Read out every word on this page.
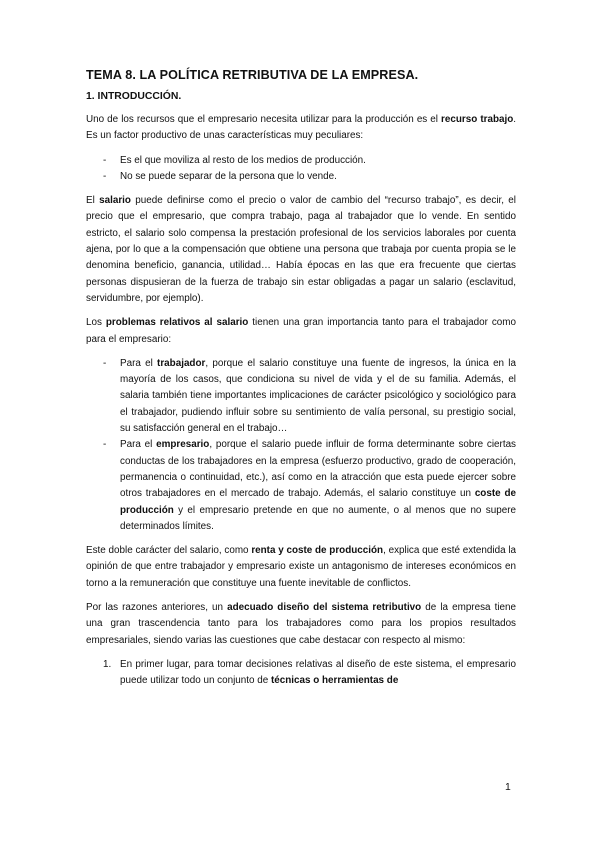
TEMA 8. LA POLÍTICA RETRIBUTIVA DE LA EMPRESA.
1. INTRODUCCIÓN.

Uno de los recursos que el empresario necesita utilizar para la producción es el recurso trabajo. Es un factor productivo de unas características muy peculiares:

- Es el que moviliza al resto de los medios de producción.
- No se puede separar de la persona que lo vende.

El salario puede definirse como el precio o valor de cambio del “recurso trabajo”, es decir, el precio que el empresario, que compra trabajo, paga al trabajador que lo vende. En sentido estricto, el salario solo compensa la prestación profesional de los servicios laborales por cuenta ajena, por lo que a la compensación que obtiene una persona que trabaja por cuenta propia se le denomina beneficio, ganancia, utilidad… Había épocas en las que era frecuente que ciertas personas dispusieran de la fuerza de trabajo sin estar obligadas a pagar un salario (esclavitud, servidumbre, por ejemplo).

Los problemas relativos al salario tienen una gran importancia tanto para el trabajador como para el empresario:

- Para el trabajador, porque el salario constituye una fuente de ingresos, la única en la mayoría de los casos, que condiciona su nivel de vida y el de su familia. Además, el salaria también tiene importantes implicaciones de carácter psicológico y sociológico para el trabajador, pudiendo influir sobre su sentimiento de valía personal, su prestigio social, su satisfacción general en el trabajo…
- Para el empresario, porque el salario puede influir de forma determinante sobre ciertas conductas de los trabajadores en la empresa (esfuerzo productivo, grado de cooperación, permanencia o continuidad, etc.), así como en la atracción que esta puede ejercer sobre otros trabajadores en el mercado de trabajo. Además, el salario constituye un coste de producción y el empresario pretende en que no aumente, o al menos que no supere determinados límites.

Este doble carácter del salario, como renta y coste de producción, explica que esté extendida la opinión de que entre trabajador y empresario existe un antagonismo de intereses económicos en torno a la remuneración que constituye una fuente inevitable de conflictos.

Por las razones anteriores, un adecuado diseño del sistema retributivo de la empresa tiene una gran trascendencia tanto para los trabajadores como para los propios resultados empresariales, siendo varias las cuestiones que cabe destacar con respecto al mismo:

1. En primer lugar, para tomar decisiones relativas al diseño de este sistema, el empresario puede utilizar todo un conjunto de técnicas o herramientas de
1
